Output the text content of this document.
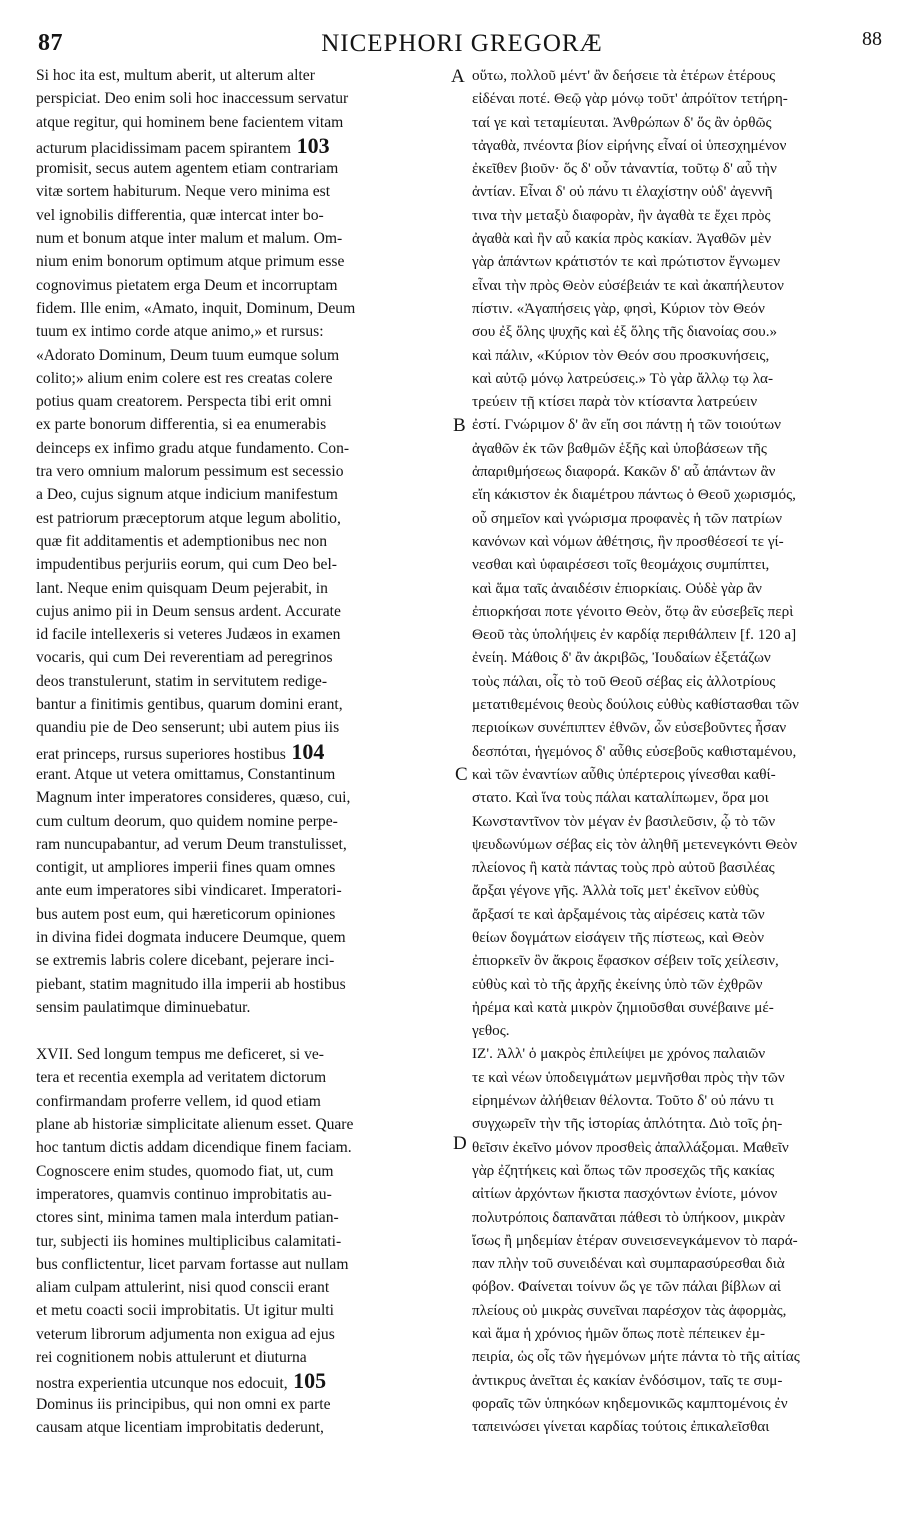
87	NICEPHORI GREGORÆ	88
Si hoc ita est, multum aberit, ut alterum alter
perspiciat. Deo enim soli hoc inaccessum servatur
atque regitur, qui hominem bene facientem vitam
acturum placidissimam pacem spirantem 103
promisit, secus autem agentem etiam contrariam
vitæ sortem habiturum. Neque vero minima est
vel ignobilis differentia, quæ intercat inter bo-
num et bonum atque inter malum et malum. Om-
nium enim bonorum optimum atque primum esse
cognovimus pietatem erga Deum et incorruptam
fidem. Ille enim, «Amato, inquit, Dominum, Deum
tuum ex intimo corde atque animo,» et rursus:
«Adorato Dominum, Deum tuum eumque solum
colito;» alium enim colere est res creatas colere
potius quam creatorem. Perspecta tibi erit omni
ex parte bonorum differentia, si ea enumerabis
deinceps ex infimo gradu atque fundamento. Con-
tra vero omnium malorum pessimum est secessio
a Deo, cujus signum atque indicium manifestum
est patriorum præceptorum atque legum abolitio,
quæ fit additamentis et ademptionibus nec non
impudentibus perjuriis eorum, qui cum Deo bel-
lant. Neque enim quisquam Deum pejerabit, in
cujus animo pii in Deum sensus ardent. Accurate
id facile intellexeris si veteres Judæos in examen
vocaris, qui cum Dei reverentiam ad peregrinos
deos transtulerunt, statim in servitutem redige-
bantur a finitimis gentibus, quarum domini erant,
quandiu pie de Deo senserunt; ubi autem pius iis
erat princeps, rursus superiores hostibus 104
erant. Atque ut vetera omittamus, Constantinum
Magnum inter imperatores consideres, quæso, cui,
cum cultum deorum, quo quidem nomine perpe-
ram nuncupabantur, ad verum Deum transtulisset,
contigit, ut ampliores imperii fines quam omnes
ante eum imperatores sibi vindicaret. Imperatori-
bus autem post eum, qui hæreticorum opiniones
in divina fidei dogmata inducere Deumque, quem
se extremis labris colere dicebant, pejerare inci-
piebant, statim magnitudo illa imperii ab hostibus
sensim paulatimque diminuebatur.
XVII. Sed longum tempus me deficeret, si ve-
tera et recentia exempla ad veritatem dictorum
confirmandam proferre vellem, id quod etiam
plane ab historiæ simplicitate alienum esset. Quare
hoc tantum dictis addam dicendique finem faciam.
Cognoscere enim studes, quomodo fiat, ut, cum
imperatores, quamvis continuo improbitatis au-
ctores sint, minima tamen mala interdum patian-
tur, subjecti iis homines multiplicibus calamitati-
bus conflictentur, licet parvam fortasse aut nullam
aliam culpam attulerint, nisi quod conscii erant
et metu coacti socii improbitatis. Ut igitur multi
veterum librorum adjumenta non exigua ad ejus
rei cognitionem nobis attulerunt et diuturna
nostra experientia utcunque nos edocuit, 105
Dominus iis principibus, qui non omni ex parte
causam atque licentiam improbitatis dederunt,
οὕτω, πολλοῦ μέντ' ἂν δεήσειε τὰ ἑτέρων ἑτέρους
εἰδέναι ποτέ. Θεῷ γὰρ μόνῳ τοῦτ' ἀπρόϊτον τετήρη-
ταί γε καὶ τεταμίευται. Ἀνθρώπων δ' ὅς ἂν ὀρθῶς
τἀγαθὰ, πνέοντα βίον εἰρήνης εἶναί οἱ ὑπεσχημένον
ἐκεῖθεν βιοῦν· ὅς δ' οὖν τἀναντία, τοῦτῳ δ' αὖ τὴν
ἀντίαν. Εἶναι δ' οὐ πάνυ τι ἐλαχίστην οὐδ' ἀγεννῆ
τινα τὴν μεταξὺ διαφορὰν, ἣν ἀγαθὰ τε ἔχει πρὸς
ἀγαθὰ καὶ ἣν αὖ κακία πρὸς κακίαν. Ἀγαθῶν μὲν
γὰρ ἁπάντων κράτιστόν τε καὶ πρώτιστον ἔγνωμεν
εἶναι τὴν πρὸς Θεὸν εὐσέβειάν τε καὶ ἀκαπήλευτον
πίστιν. «Ἀγαπήσεις γὰρ, φησὶ, Κύριον τὸν Θεόν
σου ἐξ ὅλης ψυχῆς καὶ ἐξ ὅλης τῆς διανοίας σου.»
καὶ πάλιν, «Κύριον τὸν Θεόν σου προσκυνήσεις,
καὶ αὐτῷ μόνῳ λατρεύσεις.» Τὸ γὰρ ἄλλῳ τῳ λα-
τρεύειν τῇ κτίσει παρὰ τὸν κτίσαντα λατρεύειν
ἐστί. Γνώριμον δ' ἂν εἴη σοι πάντῃ ἡ τῶν τοιούτων
ἀγαθῶν ἐκ τῶν βαθμῶν ἑξῆς καὶ ὑποβάσεων τῆς
ἀπαριθμήσεως διαφορά. Κακῶν δ' αὖ ἁπάντων ἂν
εἴη κάκιστον ἐκ διαμέτρου πάντως ὁ Θεοῦ χωρισμός,
οὗ σημεῖον καὶ γνώρισμα προφανὲς ἡ τῶν πατρίων
κανόνων καὶ νόμων ἀθέτησις, ἣν προσθέσεσί τε γί-
νεσθαι καὶ ὑφαιρέσεσι τοῖς θεομάχοις συμπίπτει,
καὶ ἅμα ταῖς ἀναιδέσιν ἐπιορκίαις. Οὐδὲ γὰρ ἂν
ἐπιορκήσαι ποτε γένοιτο Θεὸν, ὅτῳ ἂν εὐσεβεῖς περὶ
Θεοῦ τὰς ὑπολήψεις ἐν καρδίᾳ περιθάλπειν [f. 120 a]
ἐνείη. Μάθοις δ' ἂν ἀκριβῶς, Ἰουδαίων ἐξετάζων
τοὺς πάλαι, οἷς τὸ τοῦ Θεοῦ σέβας εἰς ἀλλοτρίους
μετατιθεμένοις θεοὺς δούλοις εὐθὺς καθίστασθαι τῶν
περιοίκων συνέπιπτεν ἐθνῶν, ὧν εὐσεβοῦντες ἦσαν
δεσπόται, ἡγεμόνος δ' αὖθις εὐσεβοῦς καθισταμένου,
καὶ τῶν ἐναντίων αὖθις ὑπέρτεροις γίνεσθαι καθί-
στατο. Καὶ ἵνα τοὺς πάλαι καταλίπωμεν, ὅρα μοι
Κωνσταντῖνον τὸν μέγαν ἐν βασιλεῦσιν, ᾧ τὸ τῶν
ψευδωνύμων σέβας εἰς τὸν ἀληθῆ μετενεγκόντι Θεὸν
πλείονος ἢ κατὰ πάντας τοὺς πρὸ αὐτοῦ βασιλέας
ἄρξαι γέγονε γῆς. Ἀλλὰ τοῖς μετ' ἐκεῖνον εὐθὺς
ἄρξασί τε καὶ ἀρξαμένοις τὰς αἱρέσεις κατὰ τῶν
θείων δογμάτων εἰσάγειν τῆς πίστεως, καὶ Θεὸν
ἐπιορκεῖν ὃν ἄκροις ἔφασκον σέβειν τοῖς χείλεσιν,
εὐθὺς καὶ τὸ τῆς ἀρχῆς ἐκείνης ὑπὸ τῶν ἐχθρῶν
ἠρέμα καὶ κατὰ μικρὸν ζημιοῦσθαι συνέβαινε μέ-
γεθος.
ΙΖ'. Ἀλλ' ὁ μακρὸς ἐπιλείψει με χρόνος παλαιῶν
τε καὶ νέων ὑποδειγμάτων μεμνῆσθαι πρὸς τὴν τῶν
εἰρημένων ἀλήθειαν θέλοντα. Τοῦτο δ' οὐ πάνυ τι
συγχωρεῖν τὴν τῆς ἱστορίας ἁπλότητα. Διὸ τοῖς ῥη-
θεῖσιν ἐκεῖνο μόνον προσθεὶς ἀπαλλάξομαι. Μαθεῖν
γὰρ ἐζητήκεις καὶ ὅπως τῶν προσεχῶς τῆς κακίας
αἰτίων ἀρχόντων ἥκιστα πασχόντων ἐνίοτε, μόνον
πολυτρόποις δαπανᾶται πάθεσι τὸ ὑπήκοον, μικρὰν
ἴσως ἢ μηδεμίαν ἑτέραν συνεισενεγκάμενον τὸ παρά-
παν πλὴν τοῦ συνειδέναι καὶ συμπαρασύρεσθαι διὰ
φόβον. Φαίνεται τοίνυν ὥς γε τῶν πάλαι βίβλων αἱ
πλείους οὐ μικρὰς συνεῖναι παρέσχον τὰς ἀφορμὰς,
καὶ ἅμα ἡ χρόνιος ἡμῶν ὅπως ποτὲ πέπεικεν ἐμ-
πειρία, ὡς οἷς τῶν ἡγεμόνων μήτε πάντα τὸ τῆς αἰτίας
ἀντικρυς ἀνεῖται ἐς κακίαν ἐνδόσιμον, ταῖς τε συμ-
φοραῖς τῶν ὑπηκόων κηδεμονικῶς καμπτομένοις ἐν
ταπεινώσει γίνεται καρδίας τούτοις ἐπικαλεῖσθαι
A
B
C
D
